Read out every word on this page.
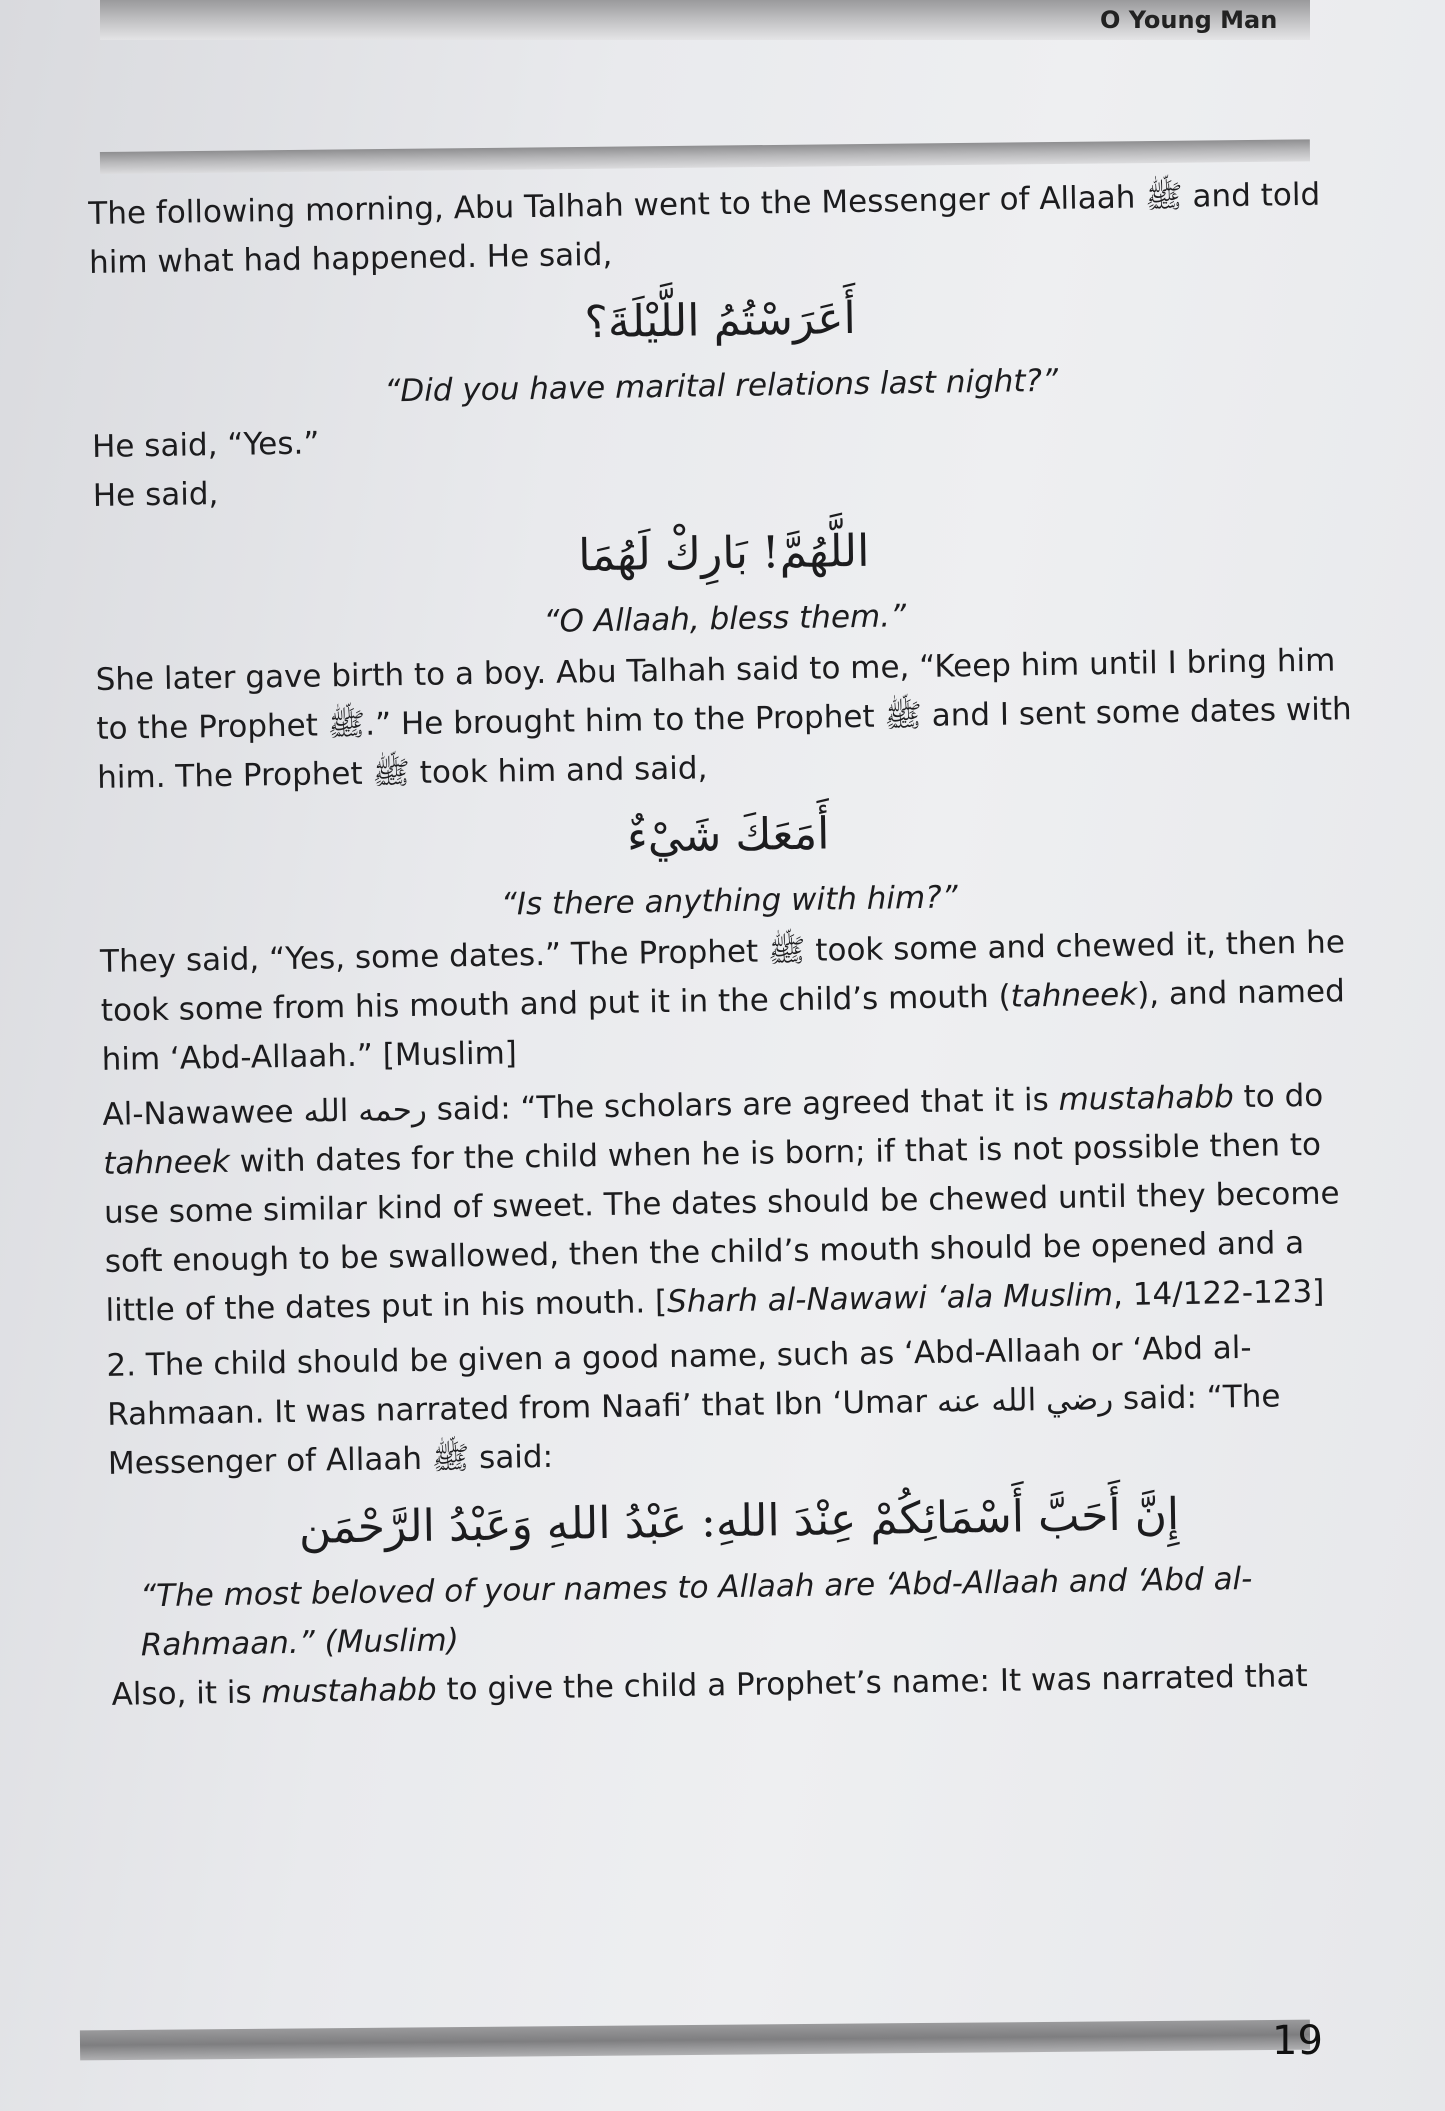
O Young Man

The following morning, Abu Talhah went to the Messenger of Allaah ﷺ and told him what had happened. He said,

أَعَرَسْتُمُ اللَّيْلَةَ؟

“Did you have marital relations last night?”

He said, “Yes.”

He said,

اللَّهُمَّ! بَارِكْ لَهُمَا

“O Allaah, bless them.”

She later gave birth to a boy. Abu Talhah said to me, “Keep him until I bring him to the Prophet ﷺ.” He brought him to the Prophet ﷺ and I sent some dates with him. The Prophet ﷺ took him and said,

أَمَعَكَ شَيْءٌ

“Is there anything with him?”

They said, “Yes, some dates.” The Prophet ﷺ took some and chewed it, then he took some from his mouth and put it in the child’s mouth (tahneek), and named him ‘Abd-Allaah.” [Muslim]

Al-Nawawee رحمه الله said: “The scholars are agreed that it is mustahabb to do tahneek with dates for the child when he is born; if that is not possible then to use some similar kind of sweet. The dates should be chewed until they become soft enough to be swallowed, then the child’s mouth should be opened and a little of the dates put in his mouth. [Sharh al-Nawawi ‘ala Muslim, 14/122-123]

2. The child should be given a good name, such as ‘Abd-Allaah or ‘Abd al-Rahmaan. It was narrated from Naafi’ that Ibn ‘Umar رضي الله عنه said: “The Messenger of Allaah ﷺ said:

إِنَّ أَحَبَّ أَسْمَائِكُمْ عِنْدَ اللهِ: عَبْدُ اللهِ وَعَبْدُ الرَّحْمَن

“The most beloved of your names to Allaah are ‘Abd-Allaah and ‘Abd al-Rahmaan.” (Muslim)

Also, it is mustahabb to give the child a Prophet’s name: It was narrated that

19
